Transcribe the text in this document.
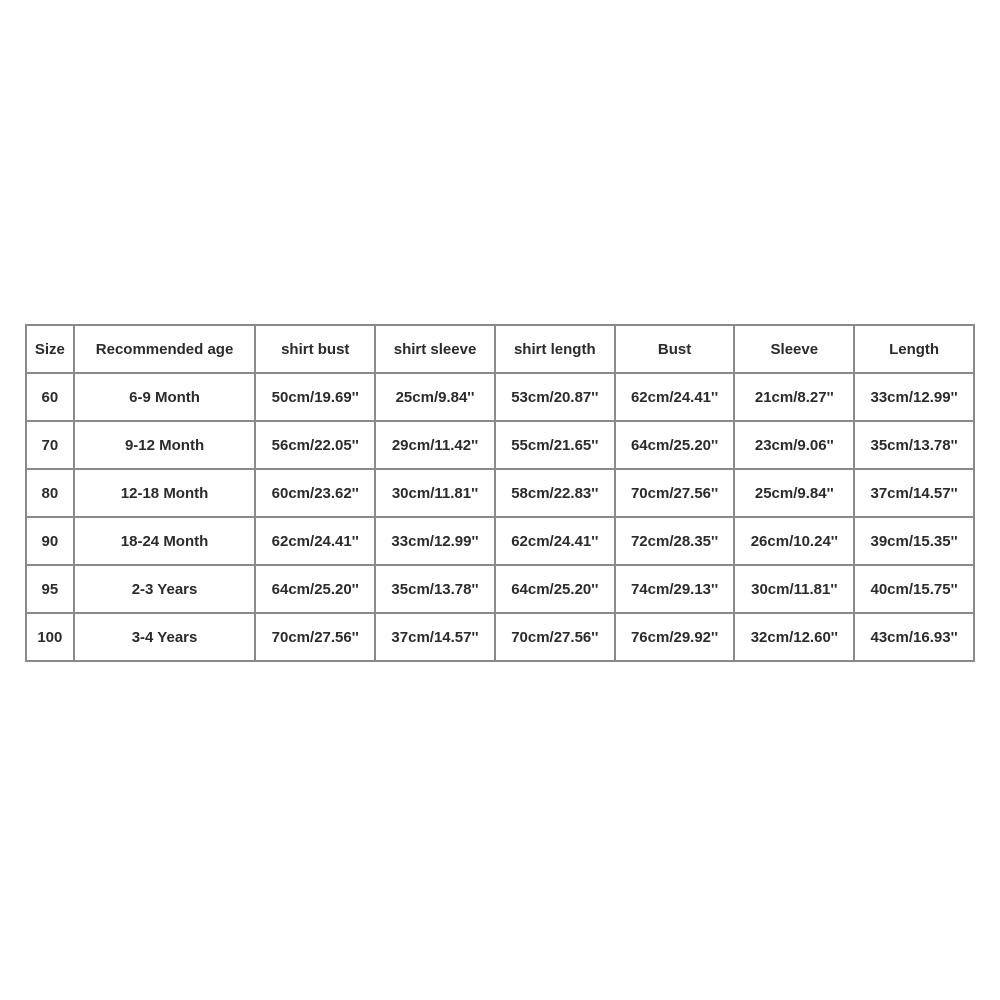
Size	Recommended age	shirt bust	shirt sleeve	shirt length	Bust	Sleeve	Length
60	6-9 Month	50cm/19.69''	25cm/9.84''	53cm/20.87''	62cm/24.41''	21cm/8.27''	33cm/12.99''
70	9-12 Month	56cm/22.05''	29cm/11.42''	55cm/21.65''	64cm/25.20''	23cm/9.06''	35cm/13.78''
80	12-18 Month	60cm/23.62''	30cm/11.81''	58cm/22.83''	70cm/27.56''	25cm/9.84''	37cm/14.57''
90	18-24 Month	62cm/24.41''	33cm/12.99''	62cm/24.41''	72cm/28.35''	26cm/10.24''	39cm/15.35''
95	2-3 Years	64cm/25.20''	35cm/13.78''	64cm/25.20''	74cm/29.13''	30cm/11.81''	40cm/15.75''
100	3-4 Years	70cm/27.56''	37cm/14.57''	70cm/27.56''	76cm/29.92''	32cm/12.60''	43cm/16.93''
